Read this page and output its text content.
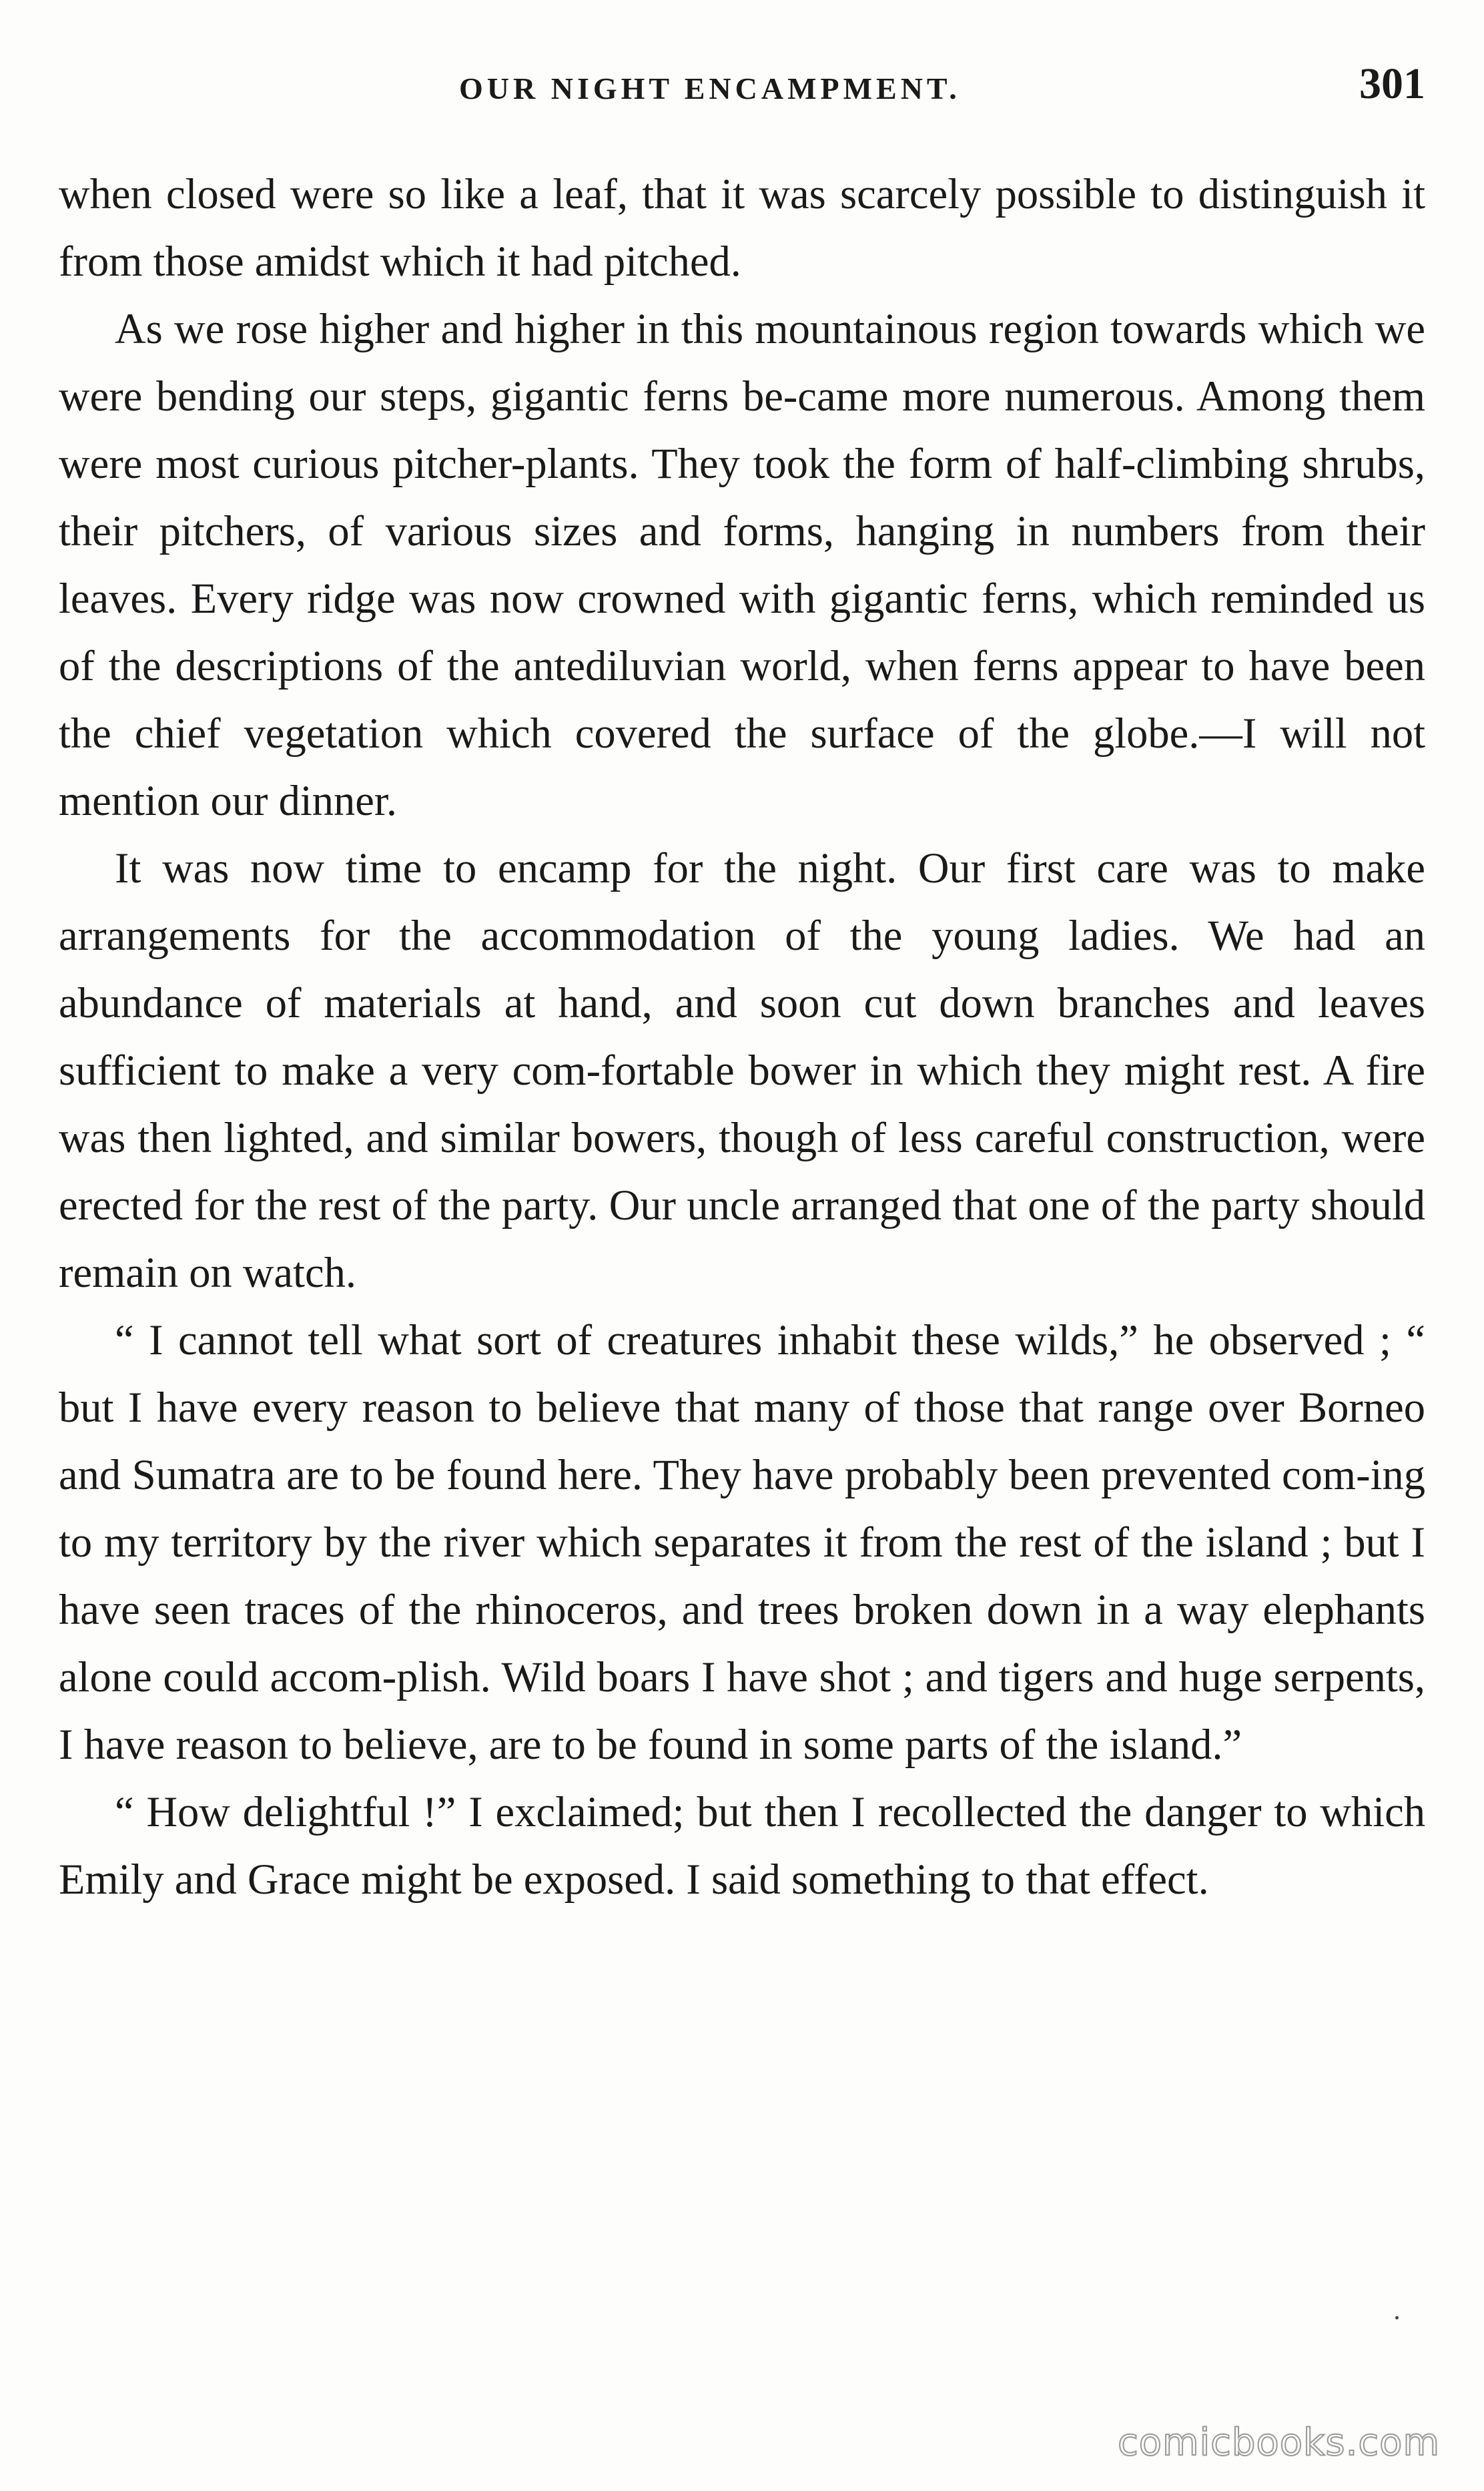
OUR NIGHT ENCAMPMENT.	301

when closed were so like a leaf, that it was scarcely possible to distinguish it from those amidst which it had pitched.

As we rose higher and higher in this mountainous region towards which we were bending our steps, gigantic ferns be-came more numerous. Among them were most curious pitcher-plants. They took the form of half-climbing shrubs, their pitchers, of various sizes and forms, hanging in numbers from their leaves. Every ridge was now crowned with gigantic ferns, which reminded us of the descriptions of the antediluvian world, when ferns appear to have been the chief vegetation which covered the surface of the globe.—I will not mention our dinner.

It was now time to encamp for the night. Our first care was to make arrangements for the accommodation of the young ladies. We had an abundance of materials at hand, and soon cut down branches and leaves sufficient to make a very com-fortable bower in which they might rest. A fire was then lighted, and similar bowers, though of less careful construction, were erected for the rest of the party. Our uncle arranged that one of the party should remain on watch.

“ I cannot tell what sort of creatures inhabit these wilds,” he observed ; “ but I have every reason to believe that many of those that range over Borneo and Sumatra are to be found here. They have probably been prevented com-ing to my territory by the river which separates it from the rest of the island ; but I have seen traces of the rhinoceros, and trees broken down in a way elephants alone could accom-plish. Wild boars I have shot ; and tigers and huge serpents, I have reason to believe, are to be found in some parts of the island.”

“ How delightful !” I exclaimed; but then I recollected the danger to which Emily and Grace might be exposed. I said something to that effect.

comicbooks.com
